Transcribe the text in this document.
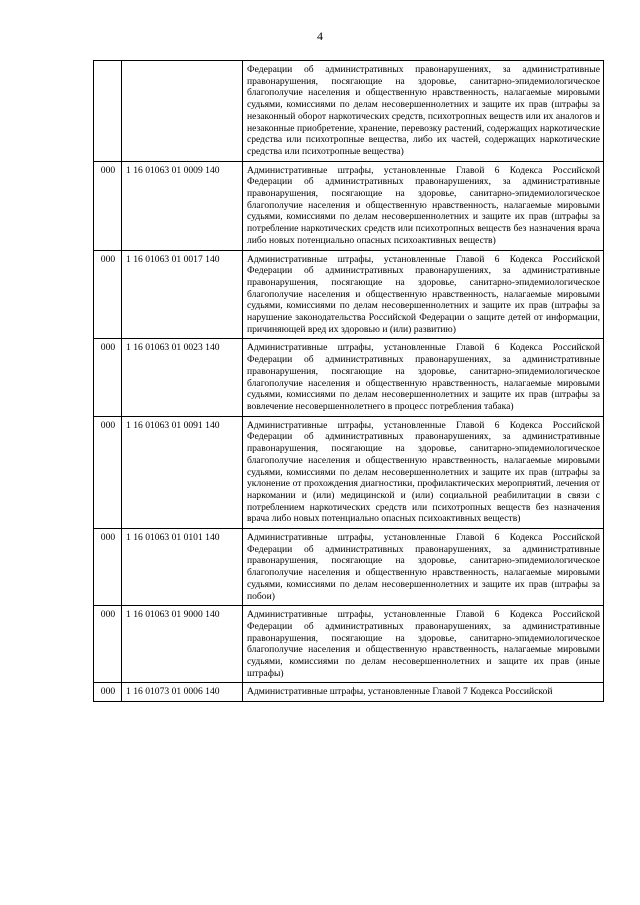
4
		Федерации об административных правонарушениях, за административные правонарушения, посягающие на здоровье, санитарно-эпидемиологическое благополучие населения и общественную нравственность, налагаемые мировыми судьями, комиссиями по делам несовершеннолетних и защите их прав (штрафы за незаконный оборот наркотических средств, психотропных веществ или их аналогов и незаконные приобретение, хранение, перевозку растений, содержащих наркотические средства или психотропные вещества, либо их частей, содержащих наркотические средства или психотропные вещества)
000	1 16 01063 01 0009 140	Административные штрафы, установленные Главой 6 Кодекса Российской Федерации об административных правонарушениях, за административные правонарушения, посягающие на здоровье, санитарно-эпидемиологическое благополучие населения и общественную нравственность, налагаемые мировыми судьями, комиссиями по делам несовершеннолетних и защите их прав (штрафы за потребление наркотических средств или психотропных веществ без назначения врача либо новых потенциально опасных психоактивных веществ)
000	1 16 01063 01 0017 140	Административные штрафы, установленные Главой 6 Кодекса Российской Федерации об административных правонарушениях, за административные правонарушения, посягающие на здоровье, санитарно-эпидемиологическое благополучие населения и общественную нравственность, налагаемые мировыми судьями, комиссиями по делам несовершеннолетних и защите их прав (штрафы за нарушение законодательства Российской Федерации о защите детей от информации, причиняющей вред их здоровью и (или) развитию)
000	1 16 01063 01 0023 140	Административные штрафы, установленные Главой 6 Кодекса Российской Федерации об административных правонарушениях, за административные правонарушения, посягающие на здоровье, санитарно-эпидемиологическое благополучие населения и общественную нравственность, налагаемые мировыми судьями, комиссиями по делам несовершеннолетних и защите их прав (штрафы за вовлечение несовершеннолетнего в процесс потребления табака)
000	1 16 01063 01 0091 140	Административные штрафы, установленные Главой 6 Кодекса Российской Федерации об административных правонарушениях, за административные правонарушения, посягающие на здоровье, санитарно-эпидемиологическое благополучие населения и общественную нравственность, налагаемые мировыми судьями, комиссиями по делам несовершеннолетних и защите их прав (штрафы за уклонение от прохождения диагностики, профилактических мероприятий, лечения от наркомании и (или) медицинской и (или) социальной реабилитации в связи с потреблением наркотических средств или психотропных веществ без назначения врача либо новых потенциально опасных психоактивных веществ)
000	1 16 01063 01 0101 140	Административные штрафы, установленные Главой 6 Кодекса Российской Федерации об административных правонарушениях, за административные правонарушения, посягающие на здоровье, санитарно-эпидемиологическое благополучие населения и общественную нравственность, налагаемые мировыми судьями, комиссиями по делам несовершеннолетних и защите их прав (штрафы за побои)
000	1 16 01063 01 9000 140	Административные штрафы, установленные Главой 6 Кодекса Российской Федерации об административных правонарушениях, за административные правонарушения, посягающие на здоровье, санитарно-эпидемиологическое благополучие населения и общественную нравственность, налагаемые мировыми судьями, комиссиями по делам несовершеннолетних и защите их прав (иные штрафы)
000	1 16 01073 01 0006 140	Административные штрафы, установленные Главой 7 Кодекса Российской
